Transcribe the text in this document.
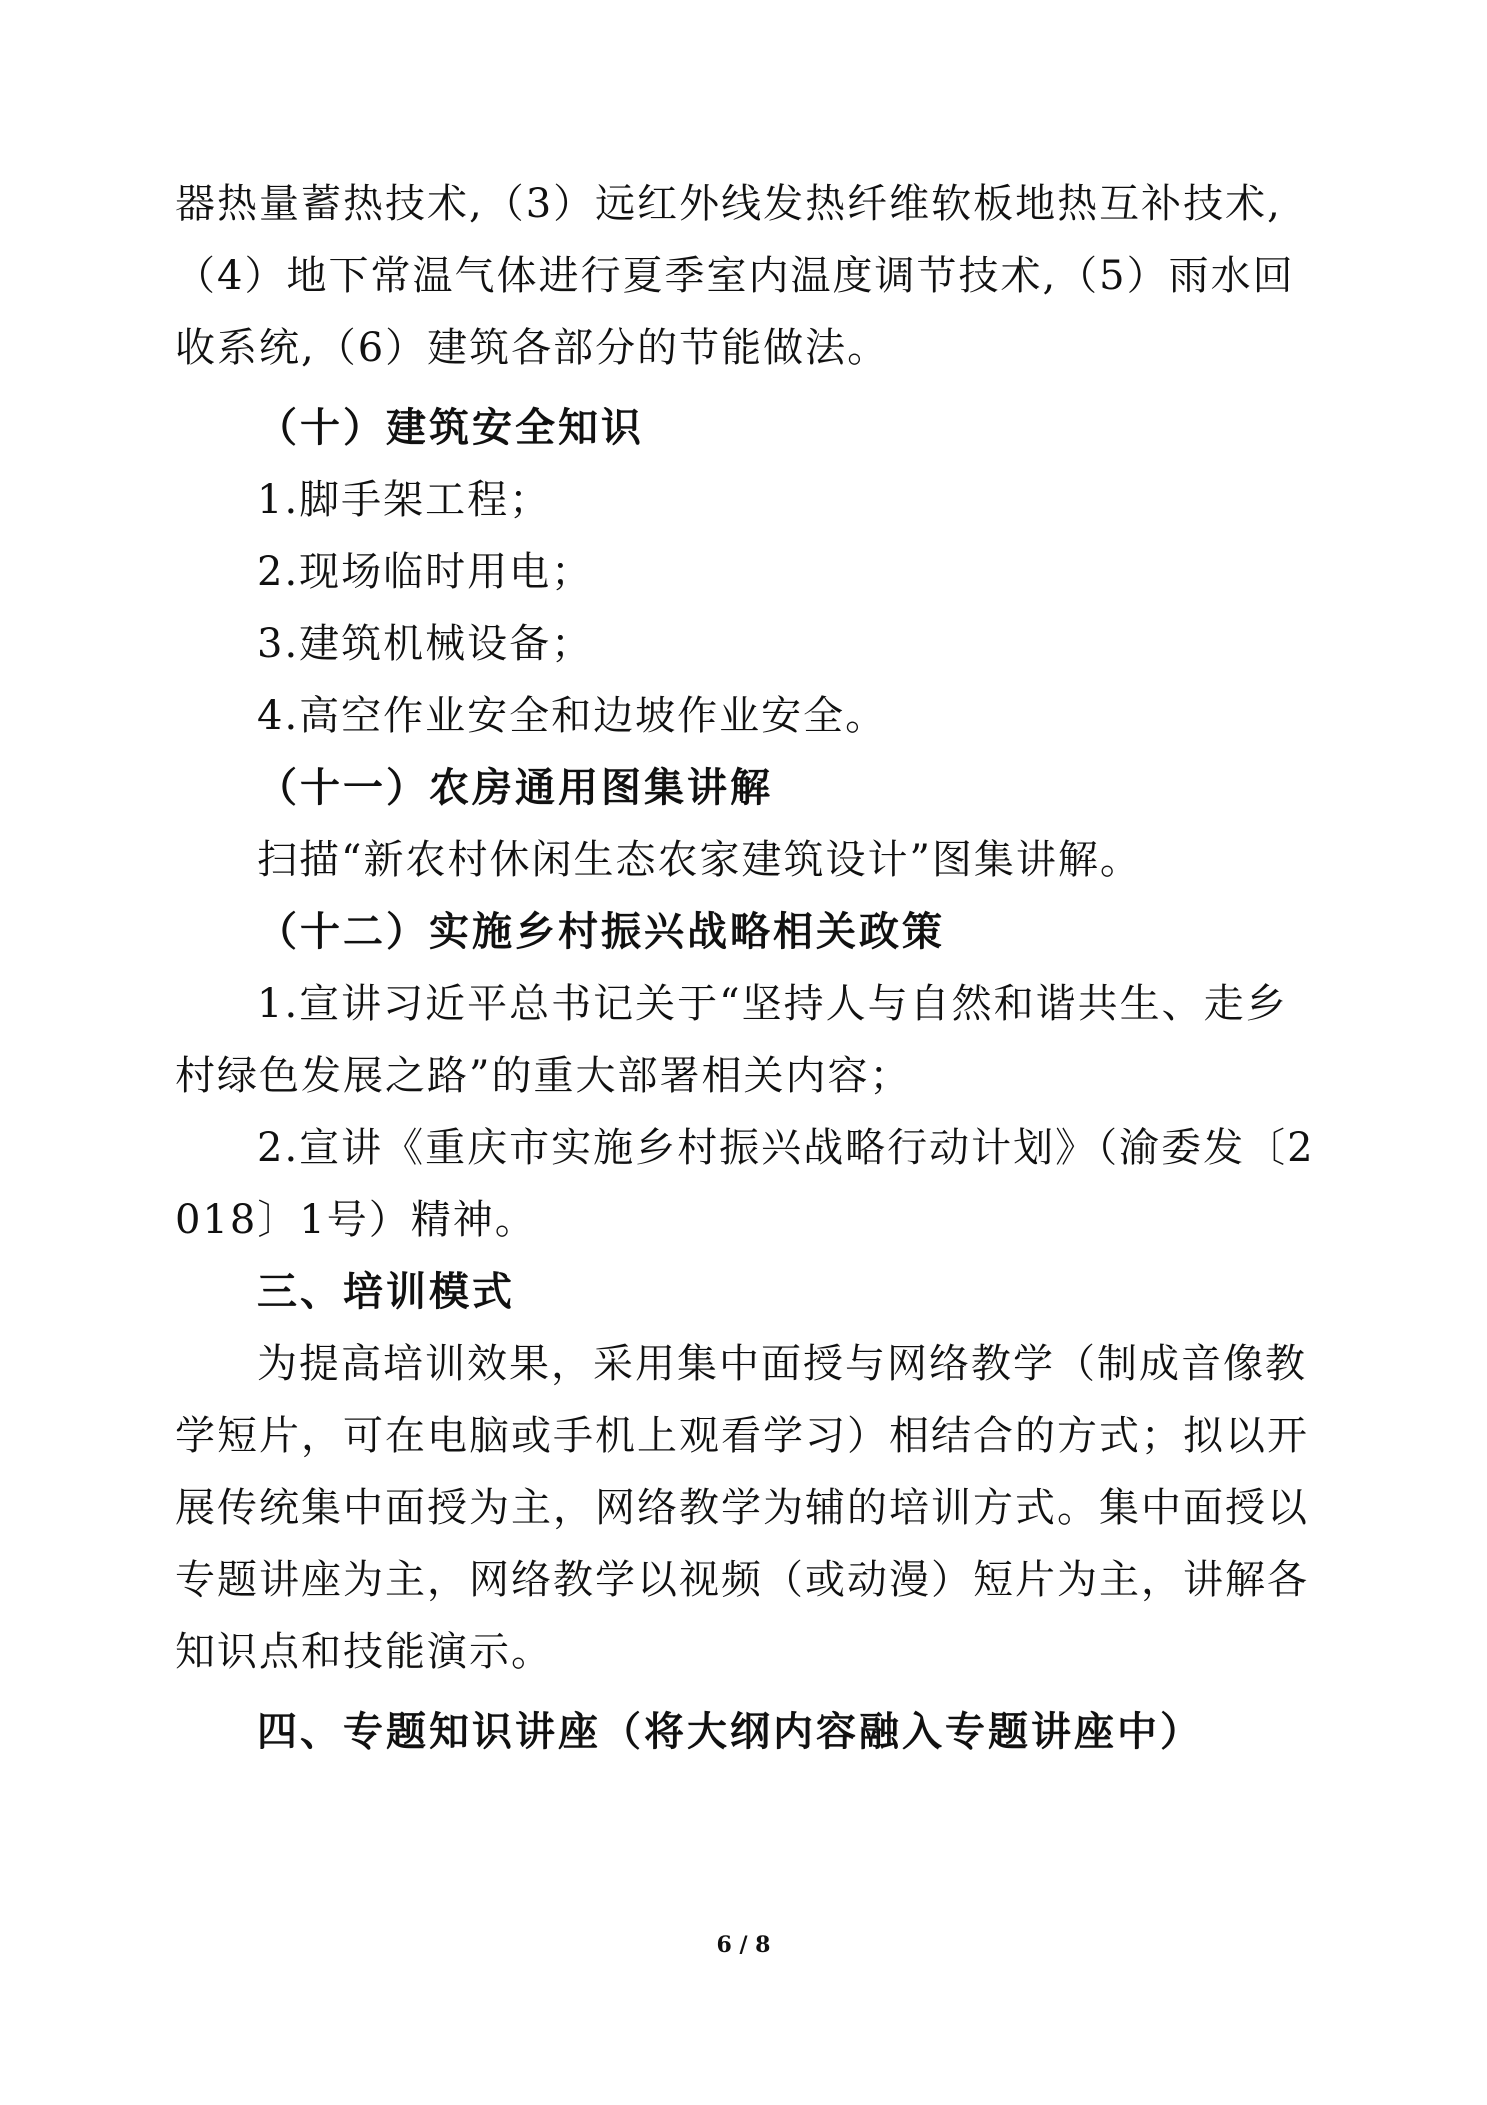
器热量蓄热技术,（3）远红外线发热纤维软板地热互补技术,（4）地下常温气体进行夏季室内温度调节技术,（5）雨水回收系统,（6）建筑各部分的节能做法。

（十）建筑安全知识

1.脚手架工程；

2.现场临时用电；

3.建筑机械设备；

4.高空作业安全和边坡作业安全。

（十一）农房通用图集讲解

扫描“新农村休闲生态农家建筑设计”图集讲解。

（十二）实施乡村振兴战略相关政策

1.宣讲习近平总书记关于“坚持人与自然和谐共生、走乡村绿色发展之路”的重大部署相关内容；

2.宣讲《重庆市实施乡村振兴战略行动计划》（渝委发〔2018〕1号）精神。

三、培训模式

为提高培训效果，采用集中面授与网络教学（制成音像教学短片，可在电脑或手机上观看学习）相结合的方式；拟以开展传统集中面授为主，网络教学为辅的培训方式。集中面授以专题讲座为主，网络教学以视频（或动漫）短片为主，讲解各知识点和技能演示。

四、专题知识讲座（将大纲内容融入专题讲座中）

6 / 8
